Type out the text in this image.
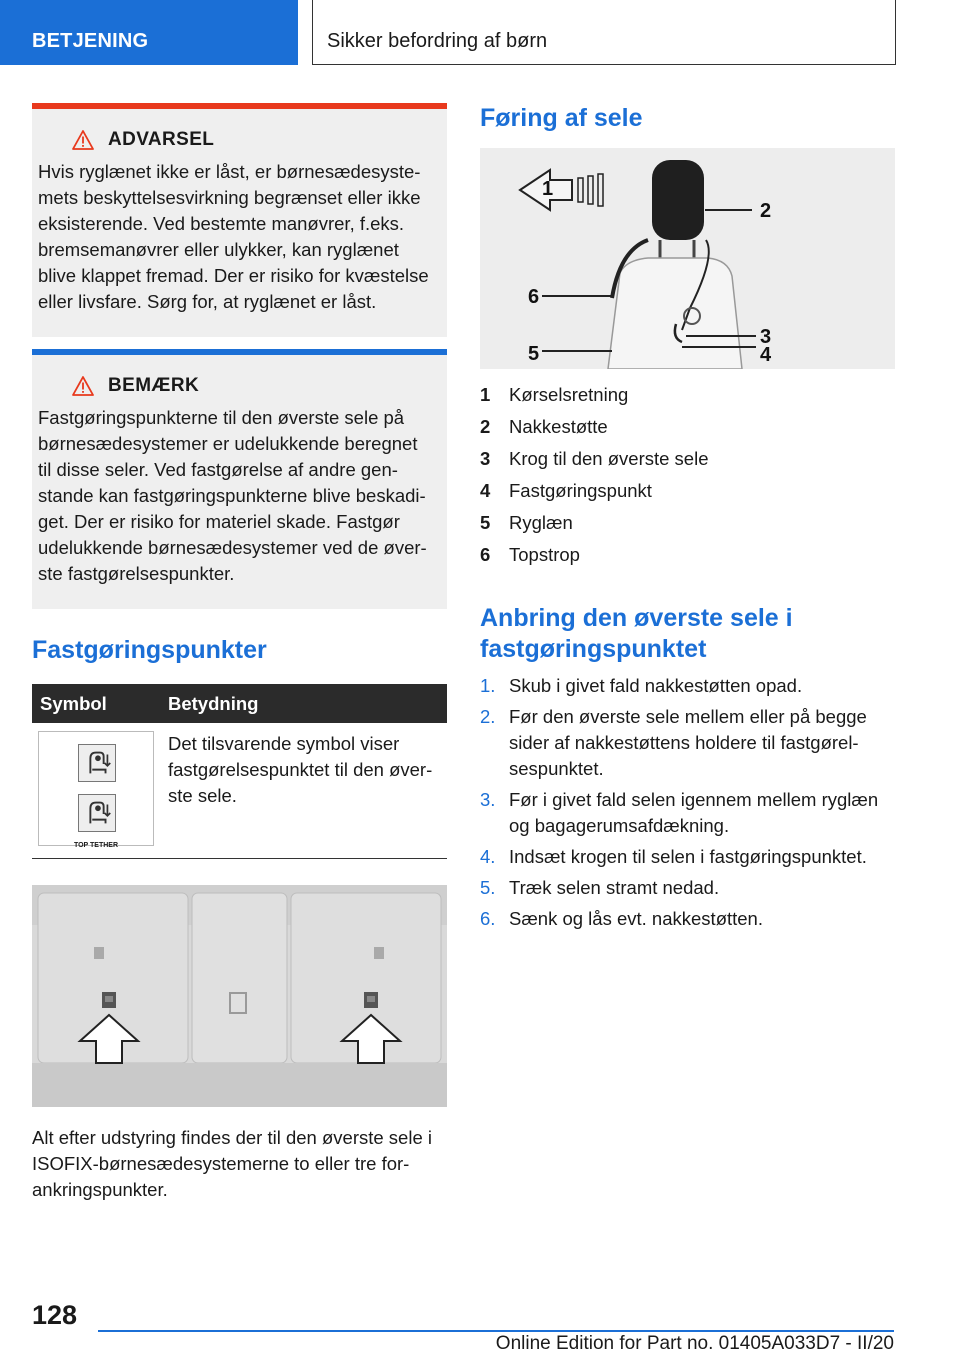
BETJENING	Sikker befordring af børn
ADVARSEL

Hvis ryglænet ikke er låst, er børnesædesyste-
mets beskyttelsesvirkning begrænset eller ikke
eksisterende. Ved bestemte manøvrer, f.eks.
bremsemanøvrer eller ulykker, kan ryglænet
blive klappet fremad. Der er risiko for kvæstelse
eller livsfare. Sørg for, at ryglænet er låst.

BEMÆRK

Fastgøringspunkterne til den øverste sele på
børnesædesystemer er udelukkende beregnet
til disse seler. Ved fastgørelse af andre gen-
stande kan fastgøringspunkterne blive beskadi-
get. Der er risiko for materiel skade. Fastgør
udelukkende børnesædesystemer ved de øver-
ste fastgørelsespunkter.

Fastgøringspunkter
Symbol	Betydning

TOP TETHER	Det tilsvarende symbol viser
fastgørelsespunktet til den øver-
ste sele.

Alt efter udstyring findes der til den øverste sele i
ISOFIX-børnesædesystemerne to eller tre for-
ankringspunkter.

Føring af sele
1
2
3
4
5
6
1	Kørselsretning
2	Nakkestøtte
3	Krog til den øverste sele
4	Fastgøringspunkt
5	Ryglæn
6	Topstrop
Anbring den øverste sele i
fastgøringspunktet
1. Skub i givet fald nakkestøtten opad.
2. Før den øverste sele mellem eller på begge
sider af nakkestøttens holdere til fastgørel-
sespunktet.
3. Før i givet fald selen igennem mellem ryglæn
og bagagerumsafdækning.
4. Indsæt krogen til selen i fastgøringspunktet.
5. Træk selen stramt nedad.
6. Sænk og lås evt. nakkestøtten.
128
Online Edition for Part no. 01405A033D7 - II/20
